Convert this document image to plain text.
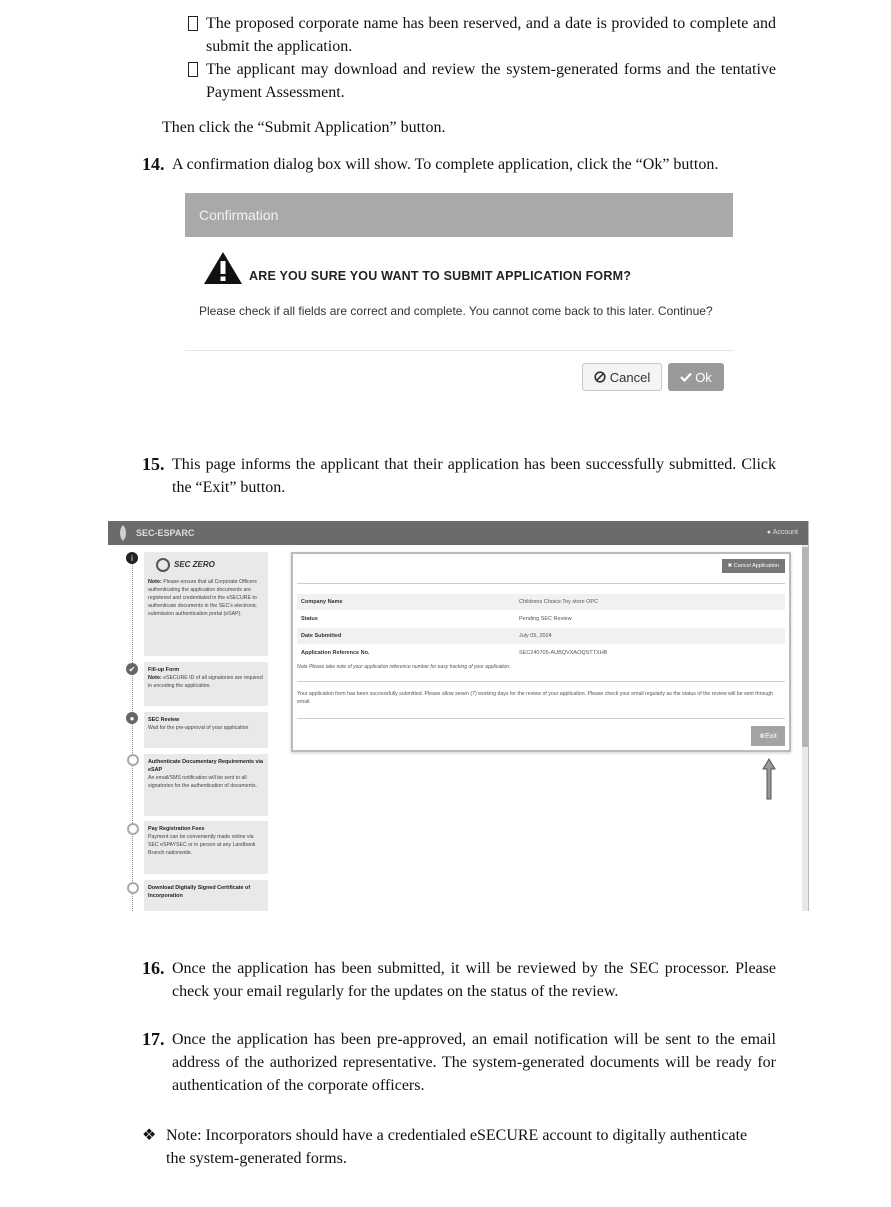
The proposed corporate name has been reserved, and a date is provided to complete and submit the application.
The applicant may download and review the system-generated forms and the tentative Payment Assessment.
Then click the “Submit Application” button.
14. A confirmation dialog box will show. To complete application, click the “Ok” button.
Confirmation
ARE YOU SURE YOU WANT TO SUBMIT APPLICATION FORM?
Please check if all fields are correct and complete. You cannot come back to this later. Continue?
Cancel	Ok
15. This page informs the applicant that their application has been successfully submitted. Click the “Exit” button.
SEC-ESPARC	● Account
i
✔
●
SEC ZERO
Note: Please ensure that all Corporate Officers authenticating the application documents are registered and credentialed in the eSECURE to authenticate documents in the SEC's electronic submission authentication portal (eSAP).
Fill-up Form
Note: eSECURE ID of all signatories are required in encoding the application.
SEC Review
Wait for the pre-approval of your application
Authenticate Documentary Requirements via eSAP
An email/SMS notification will be sent to all signatories for the authentication of documents.
Pay Registration Fees
Payment can be conveniently made online via SEC eSPAYSEC or in person at any Landbank Branch nationwide.
Download Digitally Signed Certificate of Incorporation
✖ Cancel Application
Company Name	Childrens Choice Toy store OPC
Status	Pending SEC Review
Date Submitted	July 05, 2024
Application Reference No.	SEC240705-AUBQVXAOQSTTXHB
Note Please take note of your application reference number for easy tracking of your application.
Your application form has been successfully submitted. Please allow seven (7) working days for the review of your application. Please check your email regularly as the status of the review will be sent through email.
⊗ Exit
16. Once the application has been submitted, it will be reviewed by the SEC processor. Please check your email regularly for the updates on the status of the review.
17. Once the application has been pre-approved, an email notification will be sent to the email address of the authorized representative. The system-generated documents will be ready for authentication of the corporate officers.
❖ Note: Incorporators should have a credentialed eSECURE account to digitally authenticate the system-generated forms.
